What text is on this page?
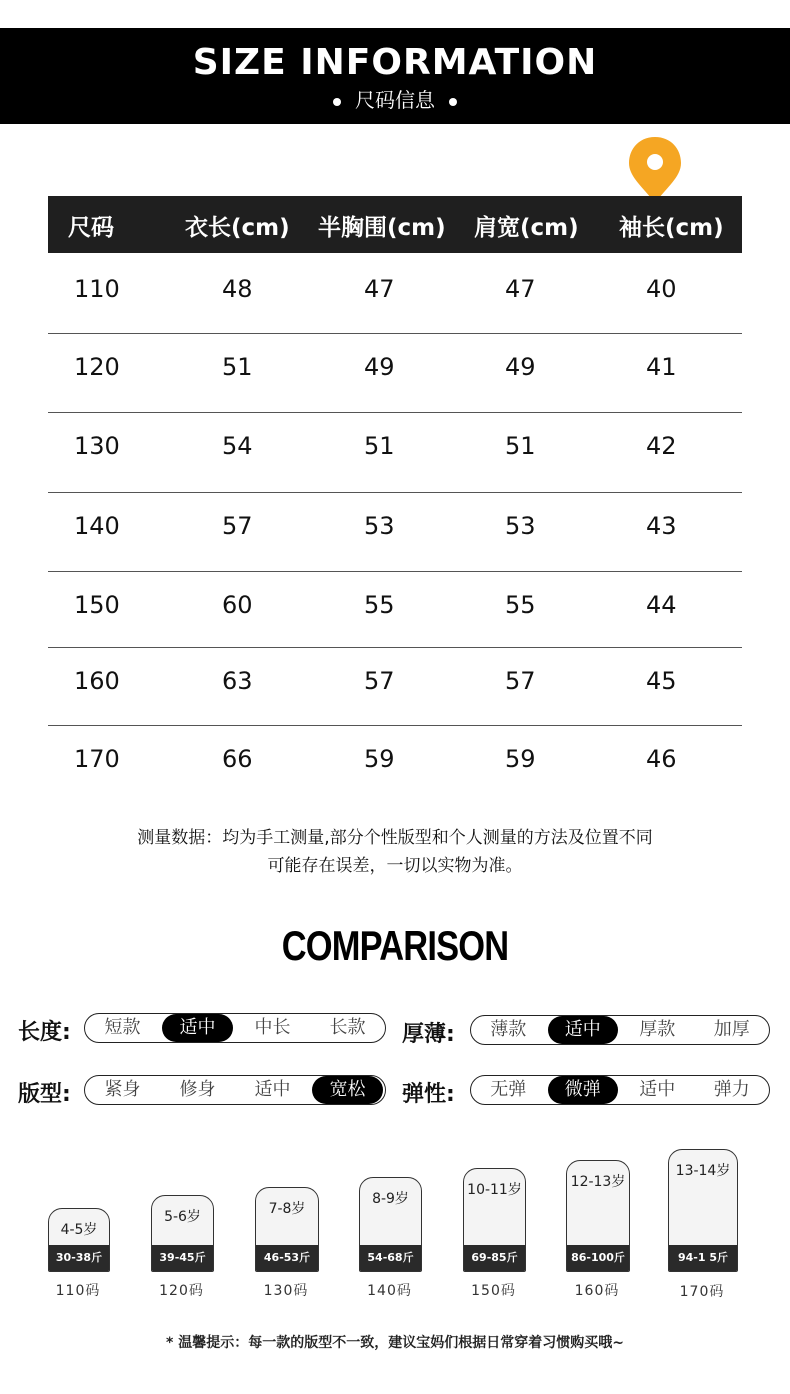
SIZE INFORMATION
尺码信息
尺码	衣长(cm) 半胸围(cm) 肩宽(cm) 袖长(cm)
110	48	47	47	40
120	51	49	49	41
130	54	51	51	42
140	57	53	53	43
150	60	55	55	44
160	63	57	57	45
170	66	59	59	46
测量数据：均为手工测量,部分个性版型和个人测量的方法及位置不同
可能存在误差，一切以实物为准。
COMPARISON
长度:	短款	适中	中长	长款	厚薄:	薄款	适中	厚款	加厚
版型:	紧身	修身	适中	宽松	弹性:	无弹	微弹	适中	弹力
4-5岁
30-38斤
110码
5-6岁
39-45斤
120码
7-8岁
46-53斤
130码
8-9岁
54-68斤
140码
10-11岁
69-85斤
150码
12-13岁
86-100斤
160码
13-14岁
94-1 5斤
170码
* 温馨提示：每一款的版型不一致，建议宝妈们根据日常穿着习惯购买哦~
